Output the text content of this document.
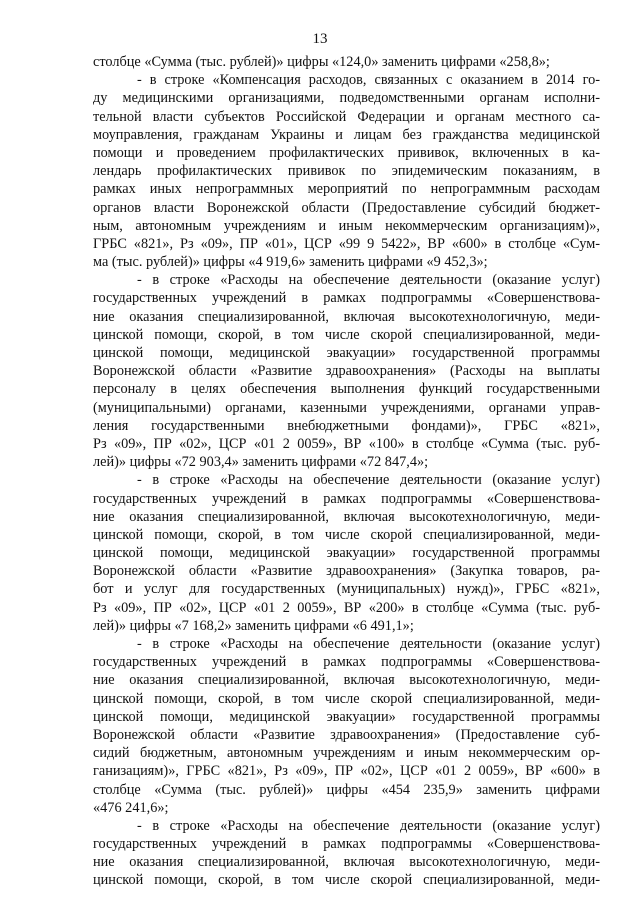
13
столбце «Сумма (тыс. рублей)» цифры «124,0» заменить цифрами «258,8»;
- в строке «Компенсация расходов, связанных с оказанием в 2014 го-
ду медицинскими организациями, подведомственными органам исполни-
тельной власти субъектов Российской Федерации и органам местного са-
моуправления, гражданам Украины и лицам без гражданства медицинской
помощи и проведением профилактических прививок, включенных в ка-
лендарь профилактических прививок по эпидемическим показаниям, в
рамках иных непрограммных мероприятий по непрограммным расходам
органов власти Воронежской области (Предоставление субсидий бюджет-
ным, автономным учреждениям и иным некоммерческим организациям)»,
ГРБС «821», Рз «09», ПР «01», ЦСР «99 9 5422», ВР «600» в столбце «Сум-
ма (тыс. рублей)» цифры «4 919,6» заменить цифрами «9 452,3»;
- в строке «Расходы на обеспечение деятельности (оказание услуг)
государственных учреждений в рамках подпрограммы «Совершенствова-
ние оказания специализированной, включая высокотехнологичную, меди-
цинской помощи, скорой, в том числе скорой специализированной, меди-
цинской помощи, медицинской эвакуации» государственной программы
Воронежской области «Развитие здравоохранения» (Расходы на выплаты
персоналу в целях обеспечения выполнения функций государственными
(муниципальными) органами, казенными учреждениями, органами управ-
ления государственными внебюджетными фондами)», ГРБС «821»,
Рз «09», ПР «02», ЦСР «01 2 0059», ВР «100» в столбце «Сумма (тыс. руб-
лей)» цифры «72 903,4» заменить цифрами «72 847,4»;
- в строке «Расходы на обеспечение деятельности (оказание услуг)
государственных учреждений в рамках подпрограммы «Совершенствова-
ние оказания специализированной, включая высокотехнологичную, меди-
цинской помощи, скорой, в том числе скорой специализированной, меди-
цинской помощи, медицинской эвакуации» государственной программы
Воронежской области «Развитие здравоохранения» (Закупка товаров, ра-
бот и услуг для государственных (муниципальных) нужд)», ГРБС «821»,
Рз «09», ПР «02», ЦСР «01 2 0059», ВР «200» в столбце «Сумма (тыс. руб-
лей)» цифры «7 168,2» заменить цифрами «6 491,1»;
- в строке «Расходы на обеспечение деятельности (оказание услуг)
государственных учреждений в рамках подпрограммы «Совершенствова-
ние оказания специализированной, включая высокотехнологичную, меди-
цинской помощи, скорой, в том числе скорой специализированной, меди-
цинской помощи, медицинской эвакуации» государственной программы
Воронежской области «Развитие здравоохранения» (Предоставление суб-
сидий бюджетным, автономным учреждениям и иным некоммерческим ор-
ганизациям)», ГРБС «821», Рз «09», ПР «02», ЦСР «01 2 0059», ВР «600» в
столбце «Сумма (тыс. рублей)» цифры «454 235,9» заменить цифрами
«476 241,6»;
- в строке «Расходы на обеспечение деятельности (оказание услуг)
государственных учреждений в рамках подпрограммы «Совершенствова-
ние оказания специализированной, включая высокотехнологичную, меди-
цинской помощи, скорой, в том числе скорой специализированной, меди-
